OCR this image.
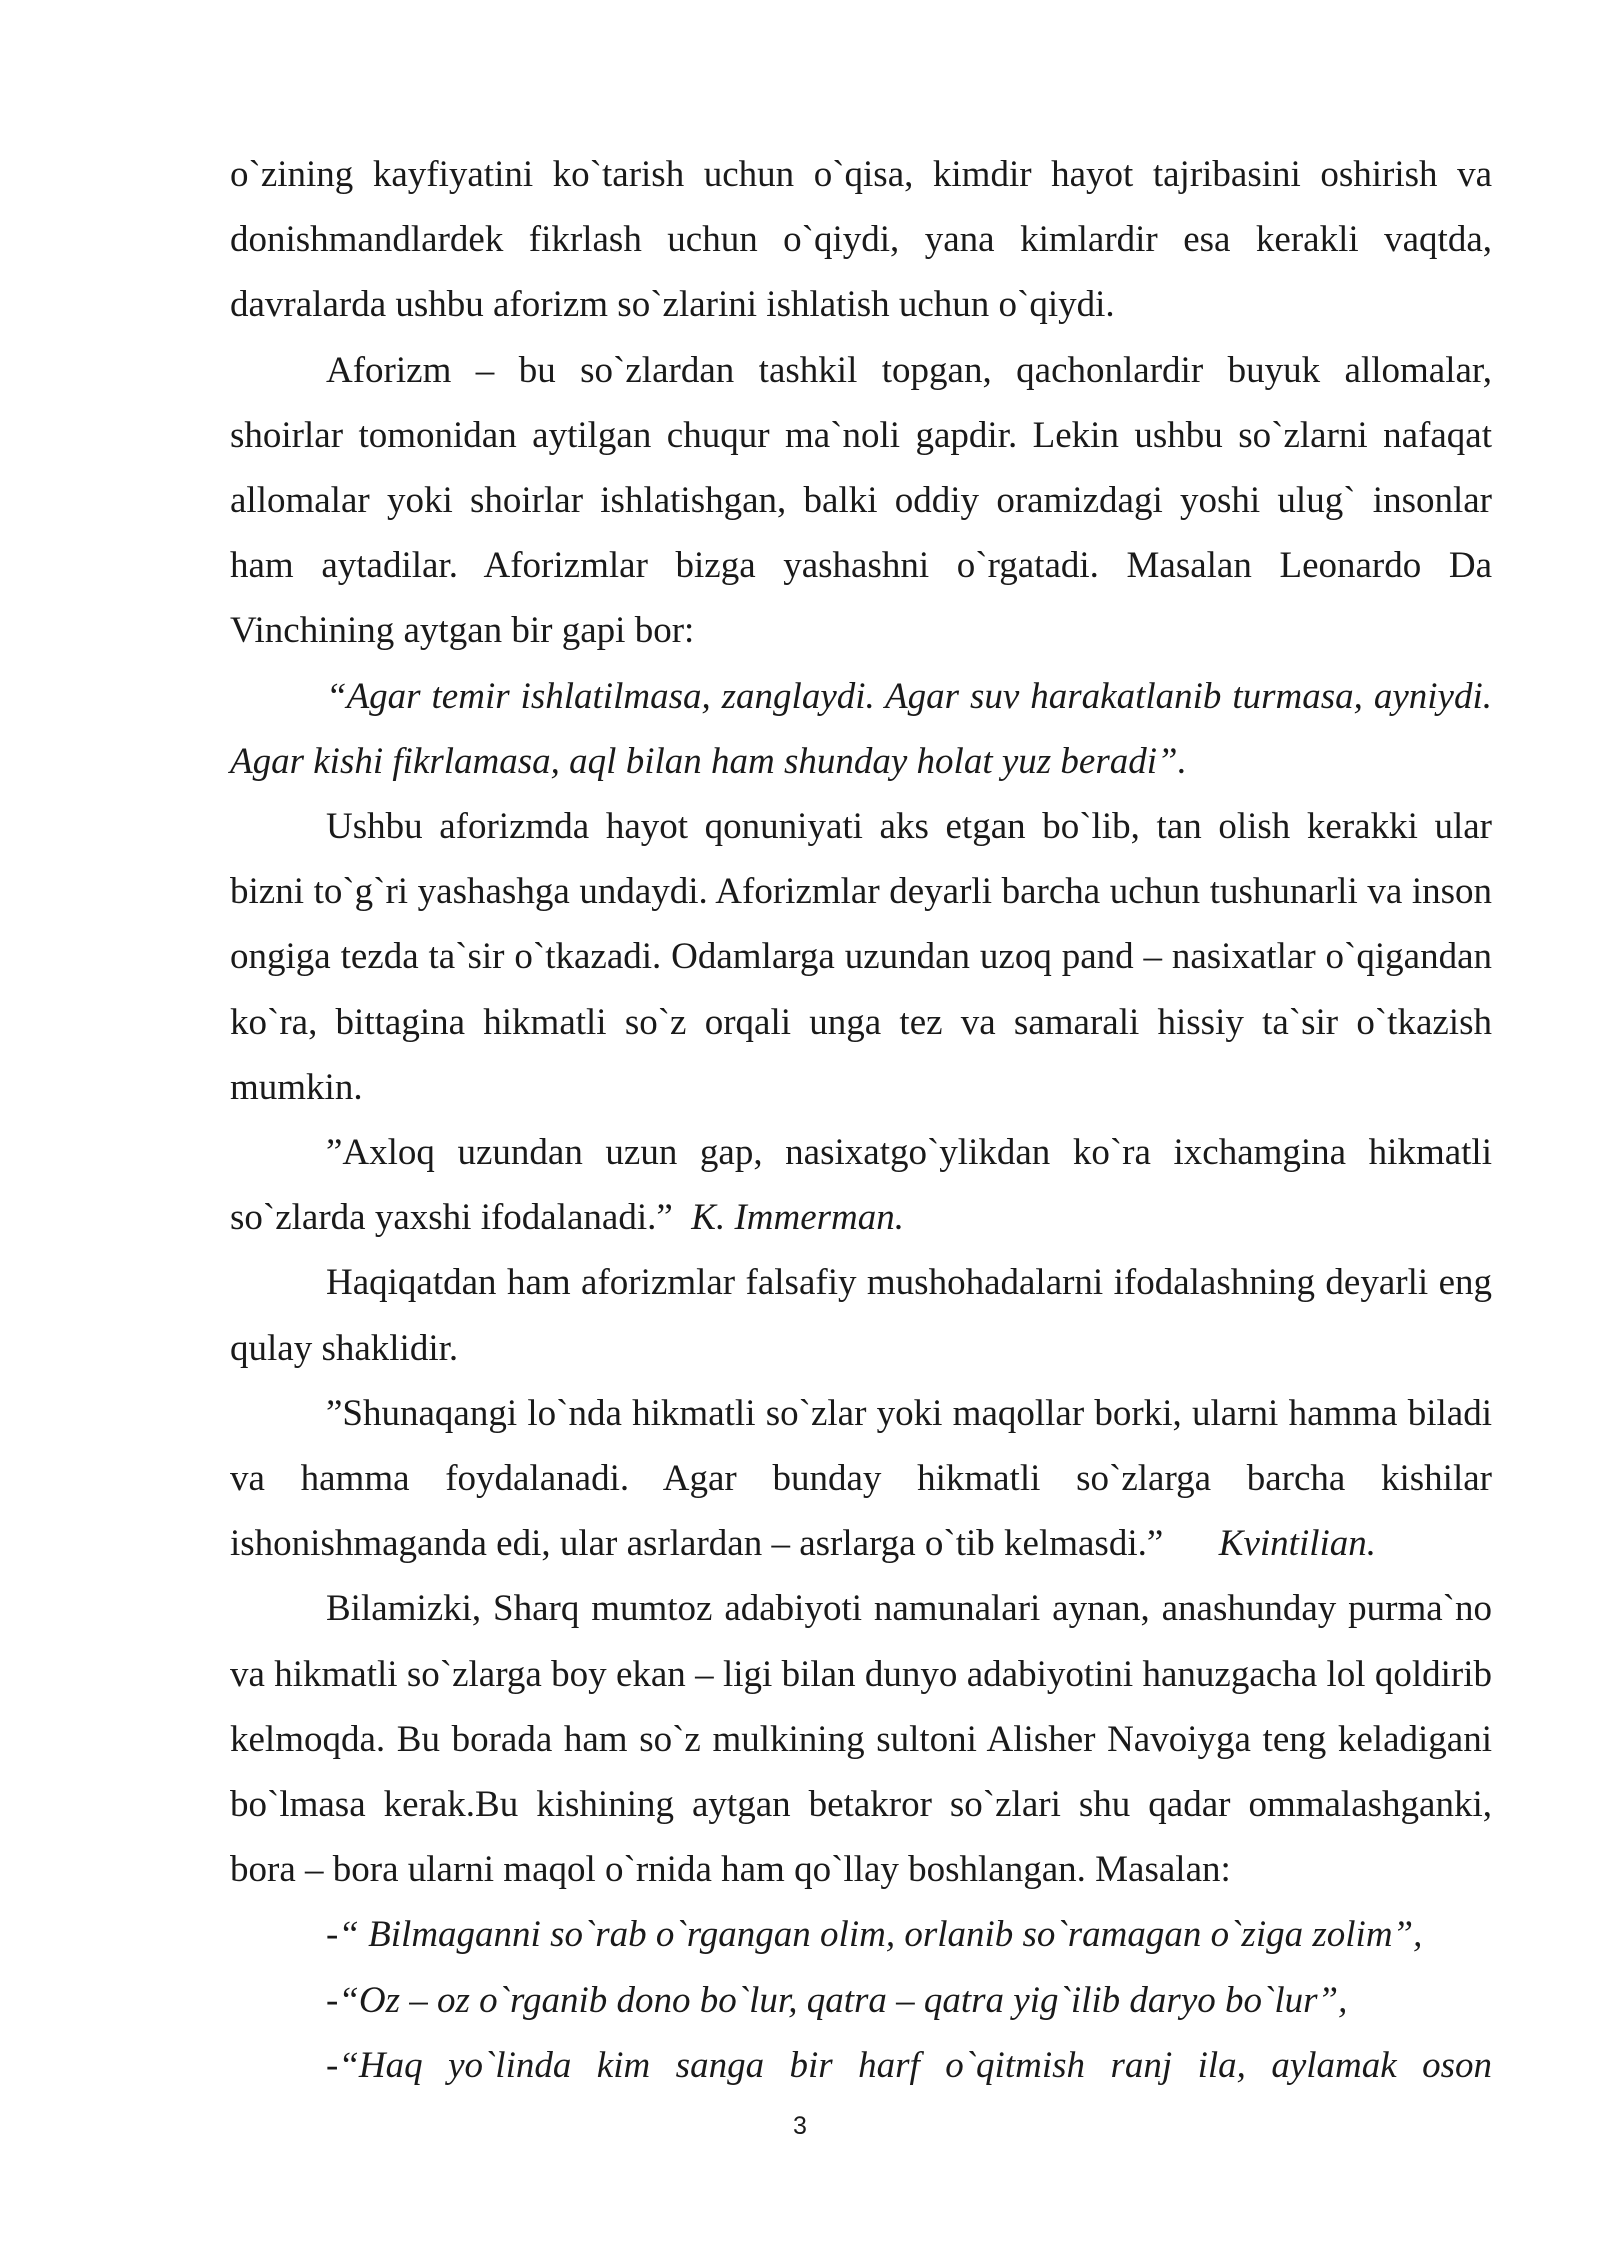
o`zining kayfiyatini ko`tarish uchun o`qisa, kimdir hayot tajribasini oshirish va donishmandlardek fikrlash uchun o`qiydi, yana kimlardir esa kerakli vaqtda, davralarda ushbu aforizm so`zlarini ishlatish uchun o`qiydi.

Aforizm – bu so`zlardan tashkil topgan, qachonlardir buyuk allomalar, shoirlar tomonidan aytilgan chuqur ma`noli gapdir. Lekin ushbu so`zlarni nafaqat allomalar yoki shoirlar ishlatishgan, balki oddiy oramizdagi yoshi ulug` insonlar ham aytadilar. Aforizmlar bizga yashashni o`rgatadi. Masalan Leonardo Da Vinchining aytgan bir gapi bor:

“Agar temir ishlatilmasa, zanglaydi. Agar suv harakatlanib turmasa, ayniydi. Agar kishi fikrlamasa, aql bilan ham shunday holat yuz beradi”.

Ushbu aforizmda hayot qonuniyati aks etgan bo`lib, tan olish kerakki ular bizni to`g`ri yashashga undaydi. Aforizmlar deyarli barcha uchun tushunarli va inson ongiga tezda ta`sir o`tkazadi. Odamlarga uzundan uzoq pand – nasixatlar o`qigandan ko`ra, bittagina hikmatli so`z orqali unga tez va samarali hissiy ta`sir o`tkazish mumkin.

”Axloq uzundan uzun gap, nasixatgo`ylikdan ko`ra ixchamgina hikmatli so`zlarda yaxshi ifodalanadi.” K. Immerman.

Haqiqatdan ham aforizmlar falsafiy mushohadalarni ifodalashning deyarli eng qulay shaklidir.

”Shunaqangi lo`nda hikmatli so`zlar yoki maqollar borki, ularni hamma biladi va hamma foydalanadi. Agar bunday hikmatli so`zlarga barcha kishilar ishonishmaganda edi, ular asrlardan – asrlarga o`tib kelmasdi.” Kvintilian.

Bilamizki, Sharq mumtoz adabiyoti namunalari aynan, anashunday purma`no va hikmatli so`zlarga boy ekan – ligi bilan dunyo adabiyotini hanuzgacha lol qoldirib kelmoqda. Bu borada ham so`z mulkining sultoni Alisher Navoiyga teng keladigani bo`lmasa kerak.Bu kishining aytgan betakror so`zlari shu qadar ommalashganki, bora – bora ularni maqol o`rnida ham qo`llay boshlangan. Masalan:

-“ Bilmaganni so`rab o`rgangan olim, orlanib so`ramagan o`ziga zolim”,

-“Oz – oz o`rganib dono bo`lur, qatra – qatra yig`ilib daryo bo`lur”,

-“Haq yo`linda kim sanga bir harf o`qitmish ranj ila, aylamak oson

3
